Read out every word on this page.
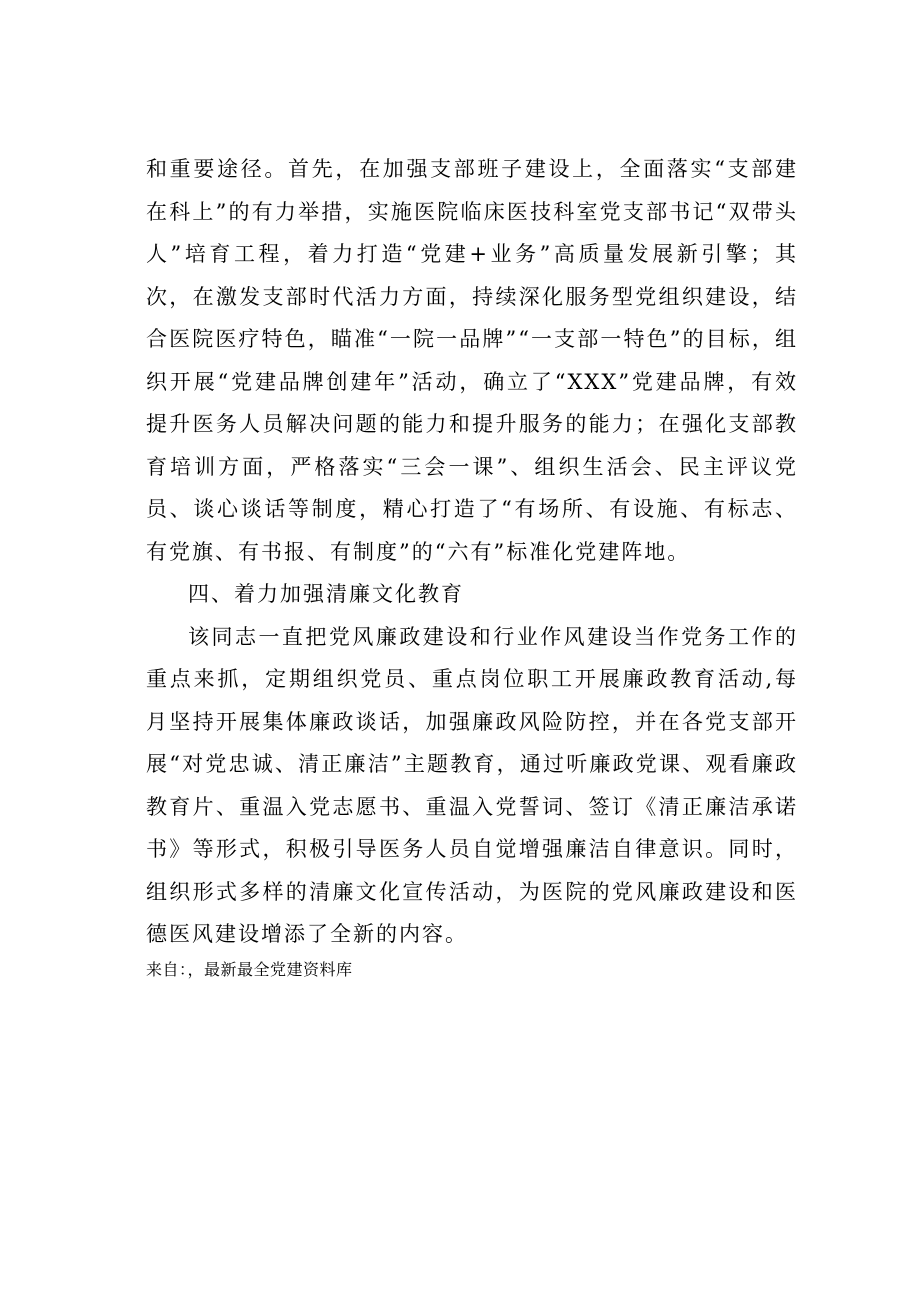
和重要途径。首先，在加强支部班子建设上，全面落实“支部建在科上”的有力举措，实施医院临床医技科室党支部书记“双带头人”培育工程，着力打造“党建+业务”高质量发展新引擎；其次，在激发支部时代活力方面，持续深化服务型党组织建设，结合医院医疗特色，瞄准“一院一品牌”“一支部一特色”的目标，组织开展“党建品牌创建年”活动，确立了“XXX”党建品牌，有效提升医务人员解决问题的能力和提升服务的能力；在强化支部教育培训方面，严格落实“三会一课”、组织生活会、民主评议党员、谈心谈话等制度，精心打造了“有场所、有设施、有标志、有党旗、有书报、有制度”的“六有”标准化党建阵地。

四、着力加强清廉文化教育

该同志一直把党风廉政建设和行业作风建设当作党务工作的重点来抓，定期组织党员、重点岗位职工开展廉政教育活动,每月坚持开展集体廉政谈话，加强廉政风险防控，并在各党支部开展“对党忠诚、清正廉洁”主题教育，通过听廉政党课、观看廉政教育片、重温入党志愿书、重温入党誓词、签订《清正廉洁承诺书》等形式，积极引导医务人员自觉增强廉洁自律意识。同时，组织形式多样的清廉文化宣传活动，为医院的党风廉政建设和医德医风建设增添了全新的内容。

来自：，最新最全党建资料库
